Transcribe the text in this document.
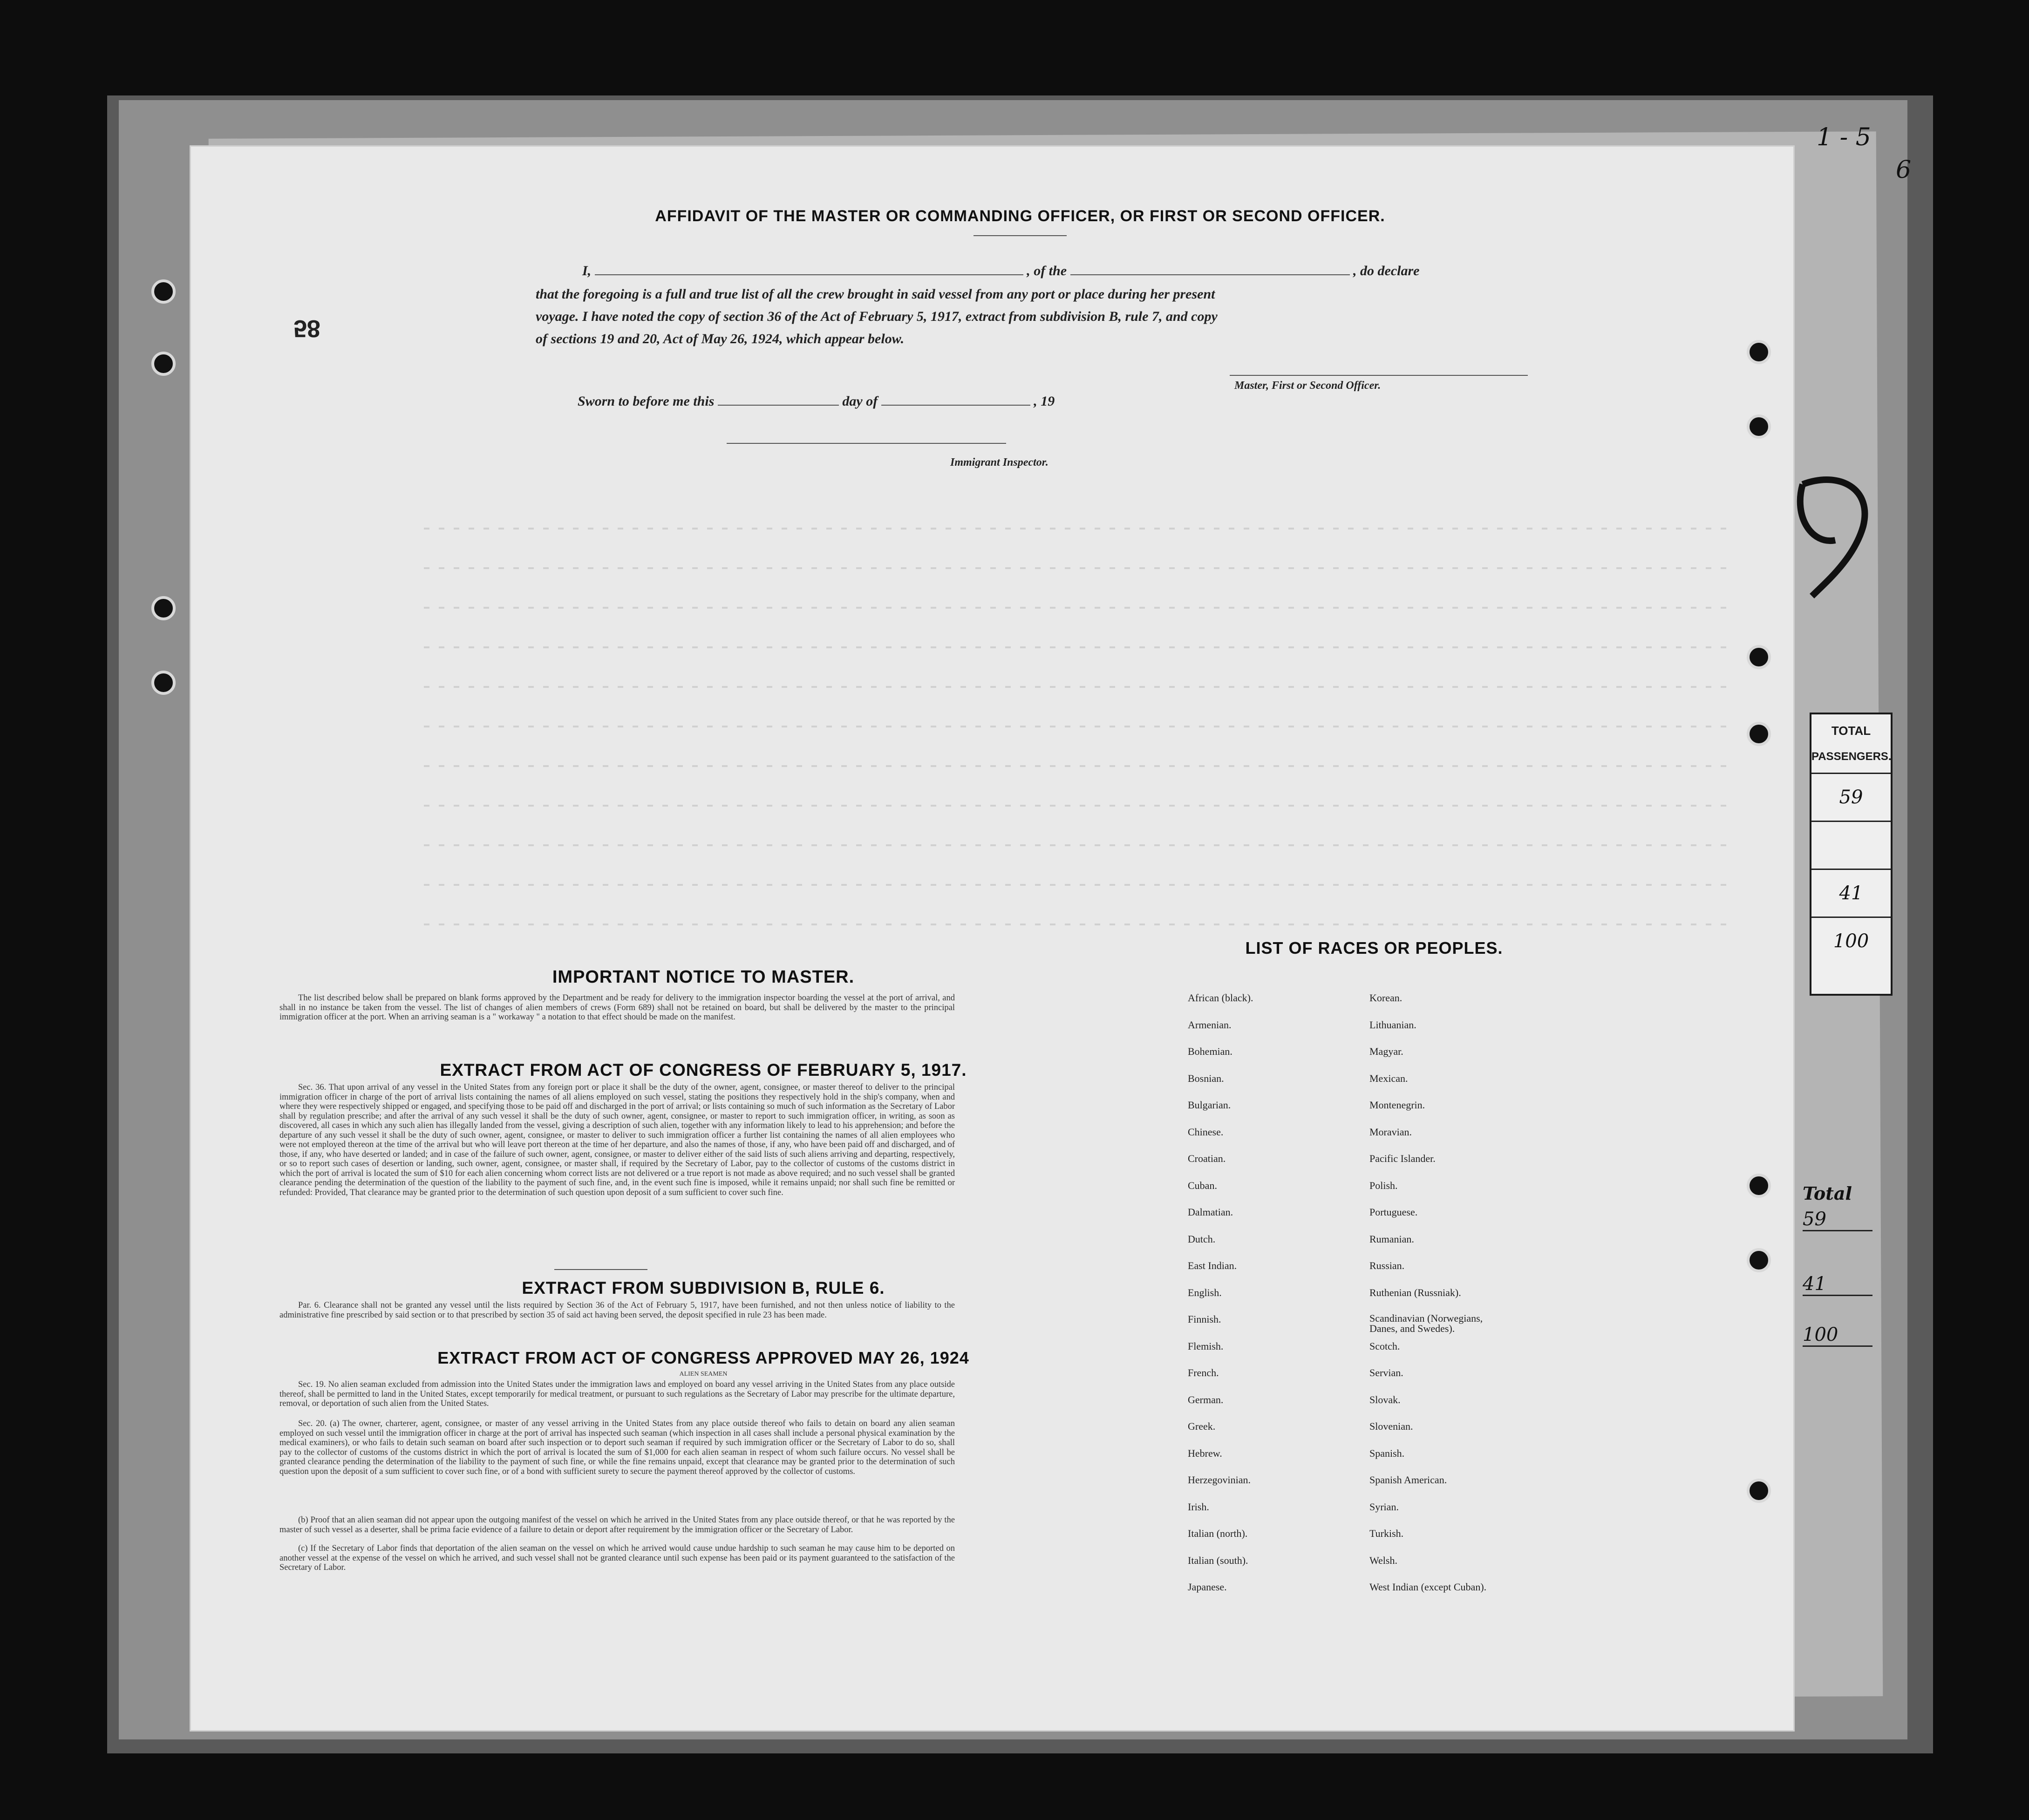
TOTAL
PASSENGERS.
59
41
100
Total
59
41
100
1 - 5
6
58
AFFIDAVIT OF THE MASTER OR COMMANDING OFFICER, OR FIRST OR SECOND OFFICER.
I,	, of the	, do declare
that the foregoing is a full and true list of all the crew brought in said vessel from any port or place during her present
voyage. I have noted the copy of section 36 of the Act of February 5, 1917, extract from subdivision B, rule 7, and copy
of sections 19 and 20, Act of May 26, 1924, which appear below.
Master, First or Second Officer.
Sworn to before me this	day of	, 19
Immigrant Inspector.
IMPORTANT NOTICE TO MASTER.
The list described below shall be prepared on blank forms approved by the Department and be ready for delivery to the immigration inspector boarding the vessel at the port of arrival, and shall in no instance be taken from the vessel. The list of changes of alien members of crews (Form 689) shall not be retained on board, but shall be delivered by the master to the principal immigration officer at the port. When an arriving seaman is a " workaway " a notation to that effect should be made on the manifest.
EXTRACT FROM ACT OF CONGRESS OF FEBRUARY 5, 1917.
Sec. 36. That upon arrival of any vessel in the United States from any foreign port or place it shall be the duty of the owner, agent, consignee, or master thereof to deliver to the principal immigration officer in charge of the port of arrival lists containing the names of all aliens employed on such vessel, stating the positions they respectively hold in the ship's company, when and where they were respectively shipped or engaged, and specifying those to be paid off and discharged in the port of arrival; or lists containing so much of such information as the Secretary of Labor shall by regulation prescribe; and after the arrival of any such vessel it shall be the duty of such owner, agent, consignee, or master to report to such immigration officer, in writing, as soon as discovered, all cases in which any such alien has illegally landed from the vessel, giving a description of such alien, together with any information likely to lead to his apprehension; and before the departure of any such vessel it shall be the duty of such owner, agent, consignee, or master to deliver to such immigration officer a further list containing the names of all alien employees who were not employed thereon at the time of the arrival but who will leave port thereon at the time of her departure, and also the names of those, if any, who have been paid off and discharged, and of those, if any, who have deserted or landed; and in case of the failure of such owner, agent, consignee, or master to deliver either of the said lists of such aliens arriving and departing, respectively, or so to report such cases of desertion or landing, such owner, agent, consignee, or master shall, if required by the Secretary of Labor, pay to the collector of customs of the customs district in which the port of arrival is located the sum of $10 for each alien concerning whom correct lists are not delivered or a true report is not made as above required; and no such vessel shall be granted clearance pending the determination of the question of the liability to the payment of such fine, and, in the event such fine is imposed, while it remains unpaid; nor shall such fine be remitted or refunded: Provided, That clearance may be granted prior to the determination of such question upon deposit of a sum sufficient to cover such fine.
EXTRACT FROM SUBDIVISION B, RULE 6.
Par. 6. Clearance shall not be granted any vessel until the lists required by Section 36 of the Act of February 5, 1917, have been furnished, and not then unless notice of liability to the administrative fine prescribed by said section or to that prescribed by section 35 of said act having been served, the deposit specified in rule 23 has been made.
EXTRACT FROM ACT OF CONGRESS APPROVED MAY 26, 1924
ALIEN SEAMEN
Sec. 19. No alien seaman excluded from admission into the United States under the immigration laws and employed on board any vessel arriving in the United States from any place outside thereof, shall be permitted to land in the United States, except temporarily for medical treatment, or pursuant to such regulations as the Secretary of Labor may prescribe for the ultimate departure, removal, or deportation of such alien from the United States.
Sec. 20. (a) The owner, charterer, agent, consignee, or master of any vessel arriving in the United States from any place outside thereof who fails to detain on board any alien seaman employed on such vessel until the immigration officer in charge at the port of arrival has inspected such seaman (which inspection in all cases shall include a personal physical examination by the medical examiners), or who fails to detain such seaman on board after such inspection or to deport such seaman if required by such immigration officer or the Secretary of Labor to do so, shall pay to the collector of customs of the customs district in which the port of arrival is located the sum of $1,000 for each alien seaman in respect of whom such failure occurs. No vessel shall be granted clearance pending the determination of the liability to the payment of such fine, or while the fine remains unpaid, except that clearance may be granted prior to the determination of such question upon the deposit of a sum sufficient to cover such fine, or of a bond with sufficient surety to secure the payment thereof approved by the collector of customs.
(b) Proof that an alien seaman did not appear upon the outgoing manifest of the vessel on which he arrived in the United States from any place outside thereof, or that he was reported by the master of such vessel as a deserter, shall be prima facie evidence of a failure to detain or deport after requirement by the immigration officer or the Secretary of Labor.
(c) If the Secretary of Labor finds that deportation of the alien seaman on the vessel on which he arrived would cause undue hardship to such seaman he may cause him to be deported on another vessel at the expense of the vessel on which he arrived, and such vessel shall not be granted clearance until such expense has been paid or its payment guaranteed to the satisfaction of the Secretary of Labor.
LIST OF RACES OR PEOPLES.
African (black).
Armenian.
Bohemian.
Bosnian.
Bulgarian.
Chinese.
Croatian.
Cuban.
Dalmatian.
Dutch.
East Indian.
English.
Finnish.
Flemish.
French.
German.
Greek.
Hebrew.
Herzegovinian.
Irish.
Italian (north).
Italian (south).
Japanese.
Korean.
Lithuanian.
Magyar.
Mexican.
Montenegrin.
Moravian.
Pacific Islander.
Polish.
Portuguese.
Rumanian.
Russian.
Ruthenian (Russniak).
Scandinavian (Norwegians, Danes, and Swedes).
Scotch.
Servian.
Slovak.
Slovenian.
Spanish.
Spanish American.
Syrian.
Turkish.
Welsh.
West Indian (except Cuban).
